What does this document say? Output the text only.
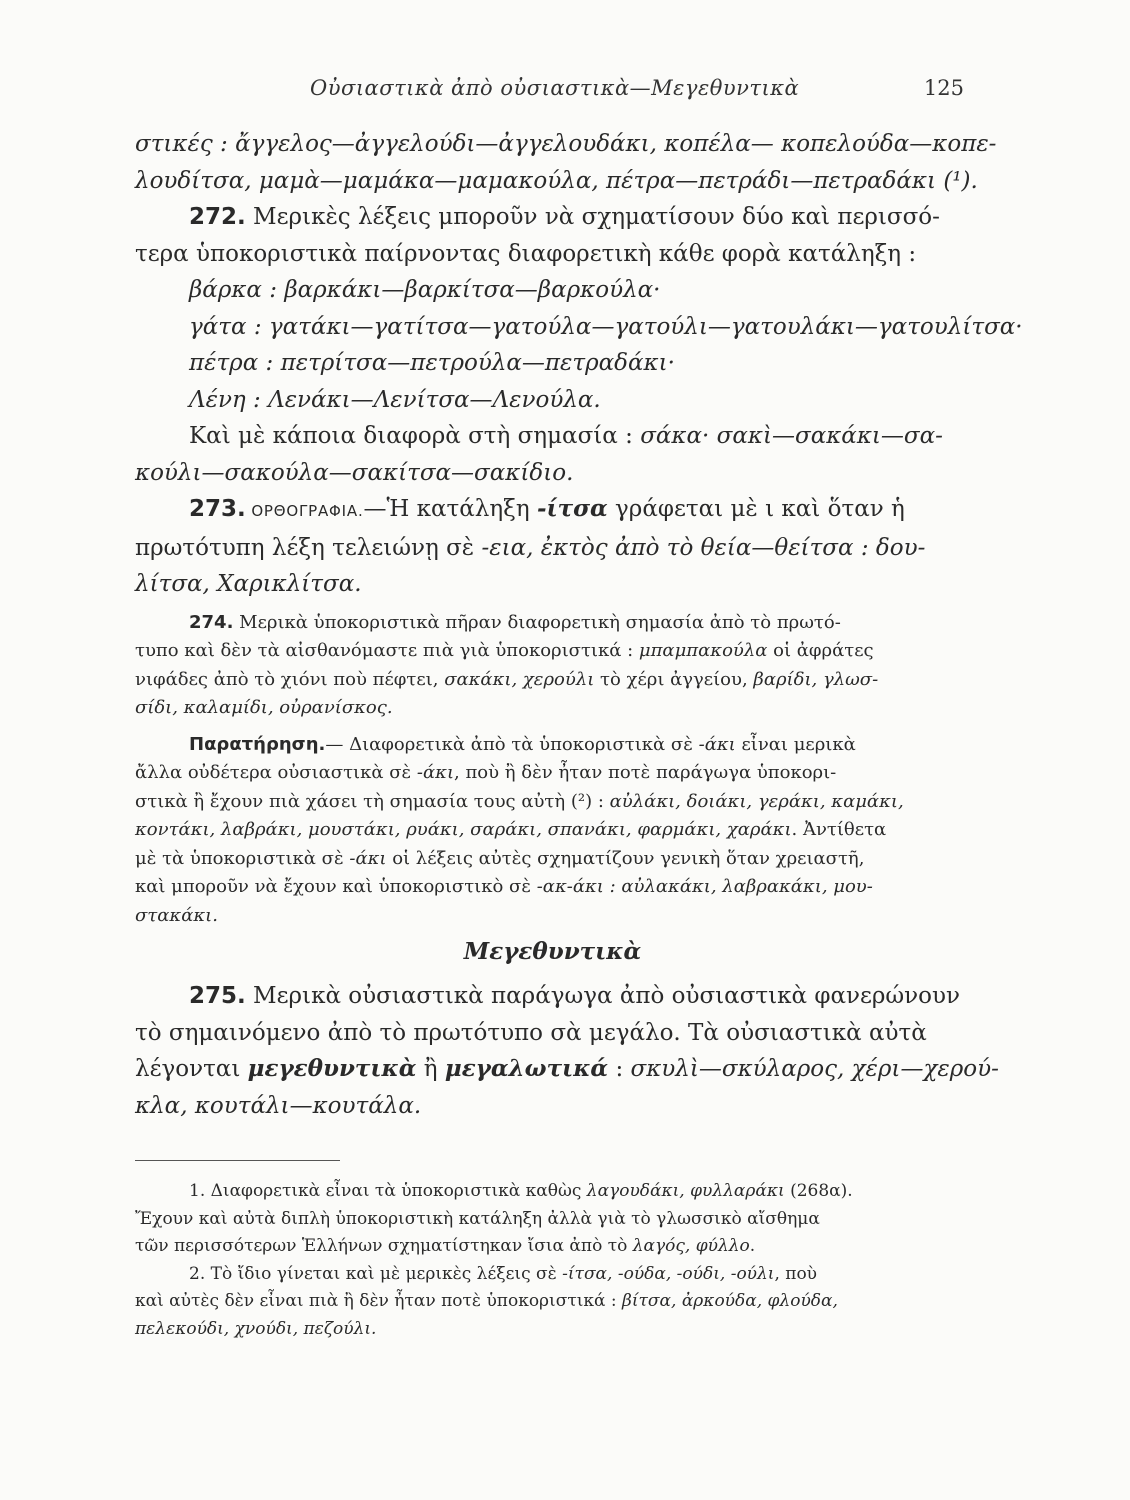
Οὐσιαστικὰ ἀπὸ οὐσιαστικὰ—Μεγεθυντικὰ	125
στικές : ἄγγελος—ἀγγελούδι—ἀγγελουδάκι, κοπέλα— κοπελούδα—κοπε-
λουδίτσα, μαμὰ—μαμάκα—μαμακούλα, πέτρα—πετράδι—πετραδάκι (¹).
272. Μερικὲς λέξεις μποροῦν νὰ σχηματίσουν δύο καὶ περισσό-
τερα ὑποκοριστικὰ παίρνοντας διαφορετικὴ κάθε φορὰ κατάληξη :
βάρκα : βαρκάκι—βαρκίτσα—βαρκούλα·
γάτα : γατάκι—γατίτσα—γατούλα—γατούλι—γατουλάκι—γατουλίτσα·
πέτρα : πετρίτσα—πετρούλα—πετραδάκι·
Λένη : Λενάκι—Λενίτσα—Λενούλα.
Καὶ μὲ κάποια διαφορὰ στὴ σημασία : σάκα· σακὶ—σακάκι—σα-
κούλι—σακούλα—σακίτσα—σακίδιο.
273. ΟΡΘΟΓΡΑΦΙΑ.—Ἡ κατάληξη -ίτσα γράφεται μὲ ι καὶ ὅταν ἡ
πρωτότυπη λέξη τελειώνῃ σὲ -εια, ἐκτὸς ἀπὸ τὸ θεία—θείτσα : δου-
λίτσα, Χαρικλίτσα.
274. Μερικὰ ὑποκοριστικὰ πῆραν διαφορετικὴ σημασία ἀπὸ τὸ πρωτό-
τυπο καὶ δὲν τὰ αἰσθανόμαστε πιὰ γιὰ ὑποκοριστικά : μπαμπακούλα οἱ ἀφράτες
νιφάδες ἀπὸ τὸ χιόνι ποὺ πέφτει, σακάκι, χερούλι τὸ χέρι ἀγγείου, βαρίδι, γλωσ-
σίδι, καλαμίδι, οὐρανίσκος.
Παρατήρηση.— Διαφορετικὰ ἀπὸ τὰ ὑποκοριστικὰ σὲ -άκι εἶναι μερικὰ
ἄλλα οὐδέτερα οὐσιαστικὰ σὲ -άκι, ποὺ ἢ δὲν ἦταν ποτὲ παράγωγα ὑποκορι-
στικὰ ἢ ἔχουν πιὰ χάσει τὴ σημασία τους αὐτὴ (²) : αὐλάκι, δοιάκι, γεράκι, καμάκι,
κοντάκι, λαβράκι, μουστάκι, ρυάκι, σαράκι, σπανάκι, φαρμάκι, χαράκι. Ἀντίθετα
μὲ τὰ ὑποκοριστικὰ σὲ -άκι οἱ λέξεις αὐτὲς σχηματίζουν γενικὴ ὅταν χρειαστῆ,
καὶ μποροῦν νὰ ἔχουν καὶ ὑποκοριστικὸ σὲ -ακ-άκι : αὐλακάκι, λαβρακάκι, μου-
στακάκι.
Μεγεθυντικὰ
275. Μερικὰ οὐσιαστικὰ παράγωγα ἀπὸ οὐσιαστικὰ φανερώνουν
τὸ σημαινόμενο ἀπὸ τὸ πρωτότυπο σὰ μεγάλο. Τὰ οὐσιαστικὰ αὐτὰ
λέγονται μεγεθυντικὰ ἢ μεγαλωτικά : σκυλὶ—σκύλαρος, χέρι—χερού-
κλα, κουτάλι—κουτάλα.
1. Διαφορετικὰ εἶναι τὰ ὑποκοριστικὰ καθὼς λαγουδάκι, φυλλαράκι (268α).
Ἔχουν καὶ αὐτὰ διπλὴ ὑποκοριστικὴ κατάληξη ἀλλὰ γιὰ τὸ γλωσσικὸ αἴσθημα
τῶν περισσότερων Ἑλλήνων σχηματίστηκαν ἴσια ἀπὸ τὸ λαγός, φύλλο.
2. Τὸ ἴδιο γίνεται καὶ μὲ μερικὲς λέξεις σὲ -ίτσα, -ούδα, -ούδι, -ούλι, ποὺ
καὶ αὐτὲς δὲν εἶναι πιὰ ἢ δὲν ἦταν ποτὲ ὑποκοριστικά : βίτσα, ἀρκούδα, φλούδα,
πελεκούδι, χνούδι, πεζούλι.
